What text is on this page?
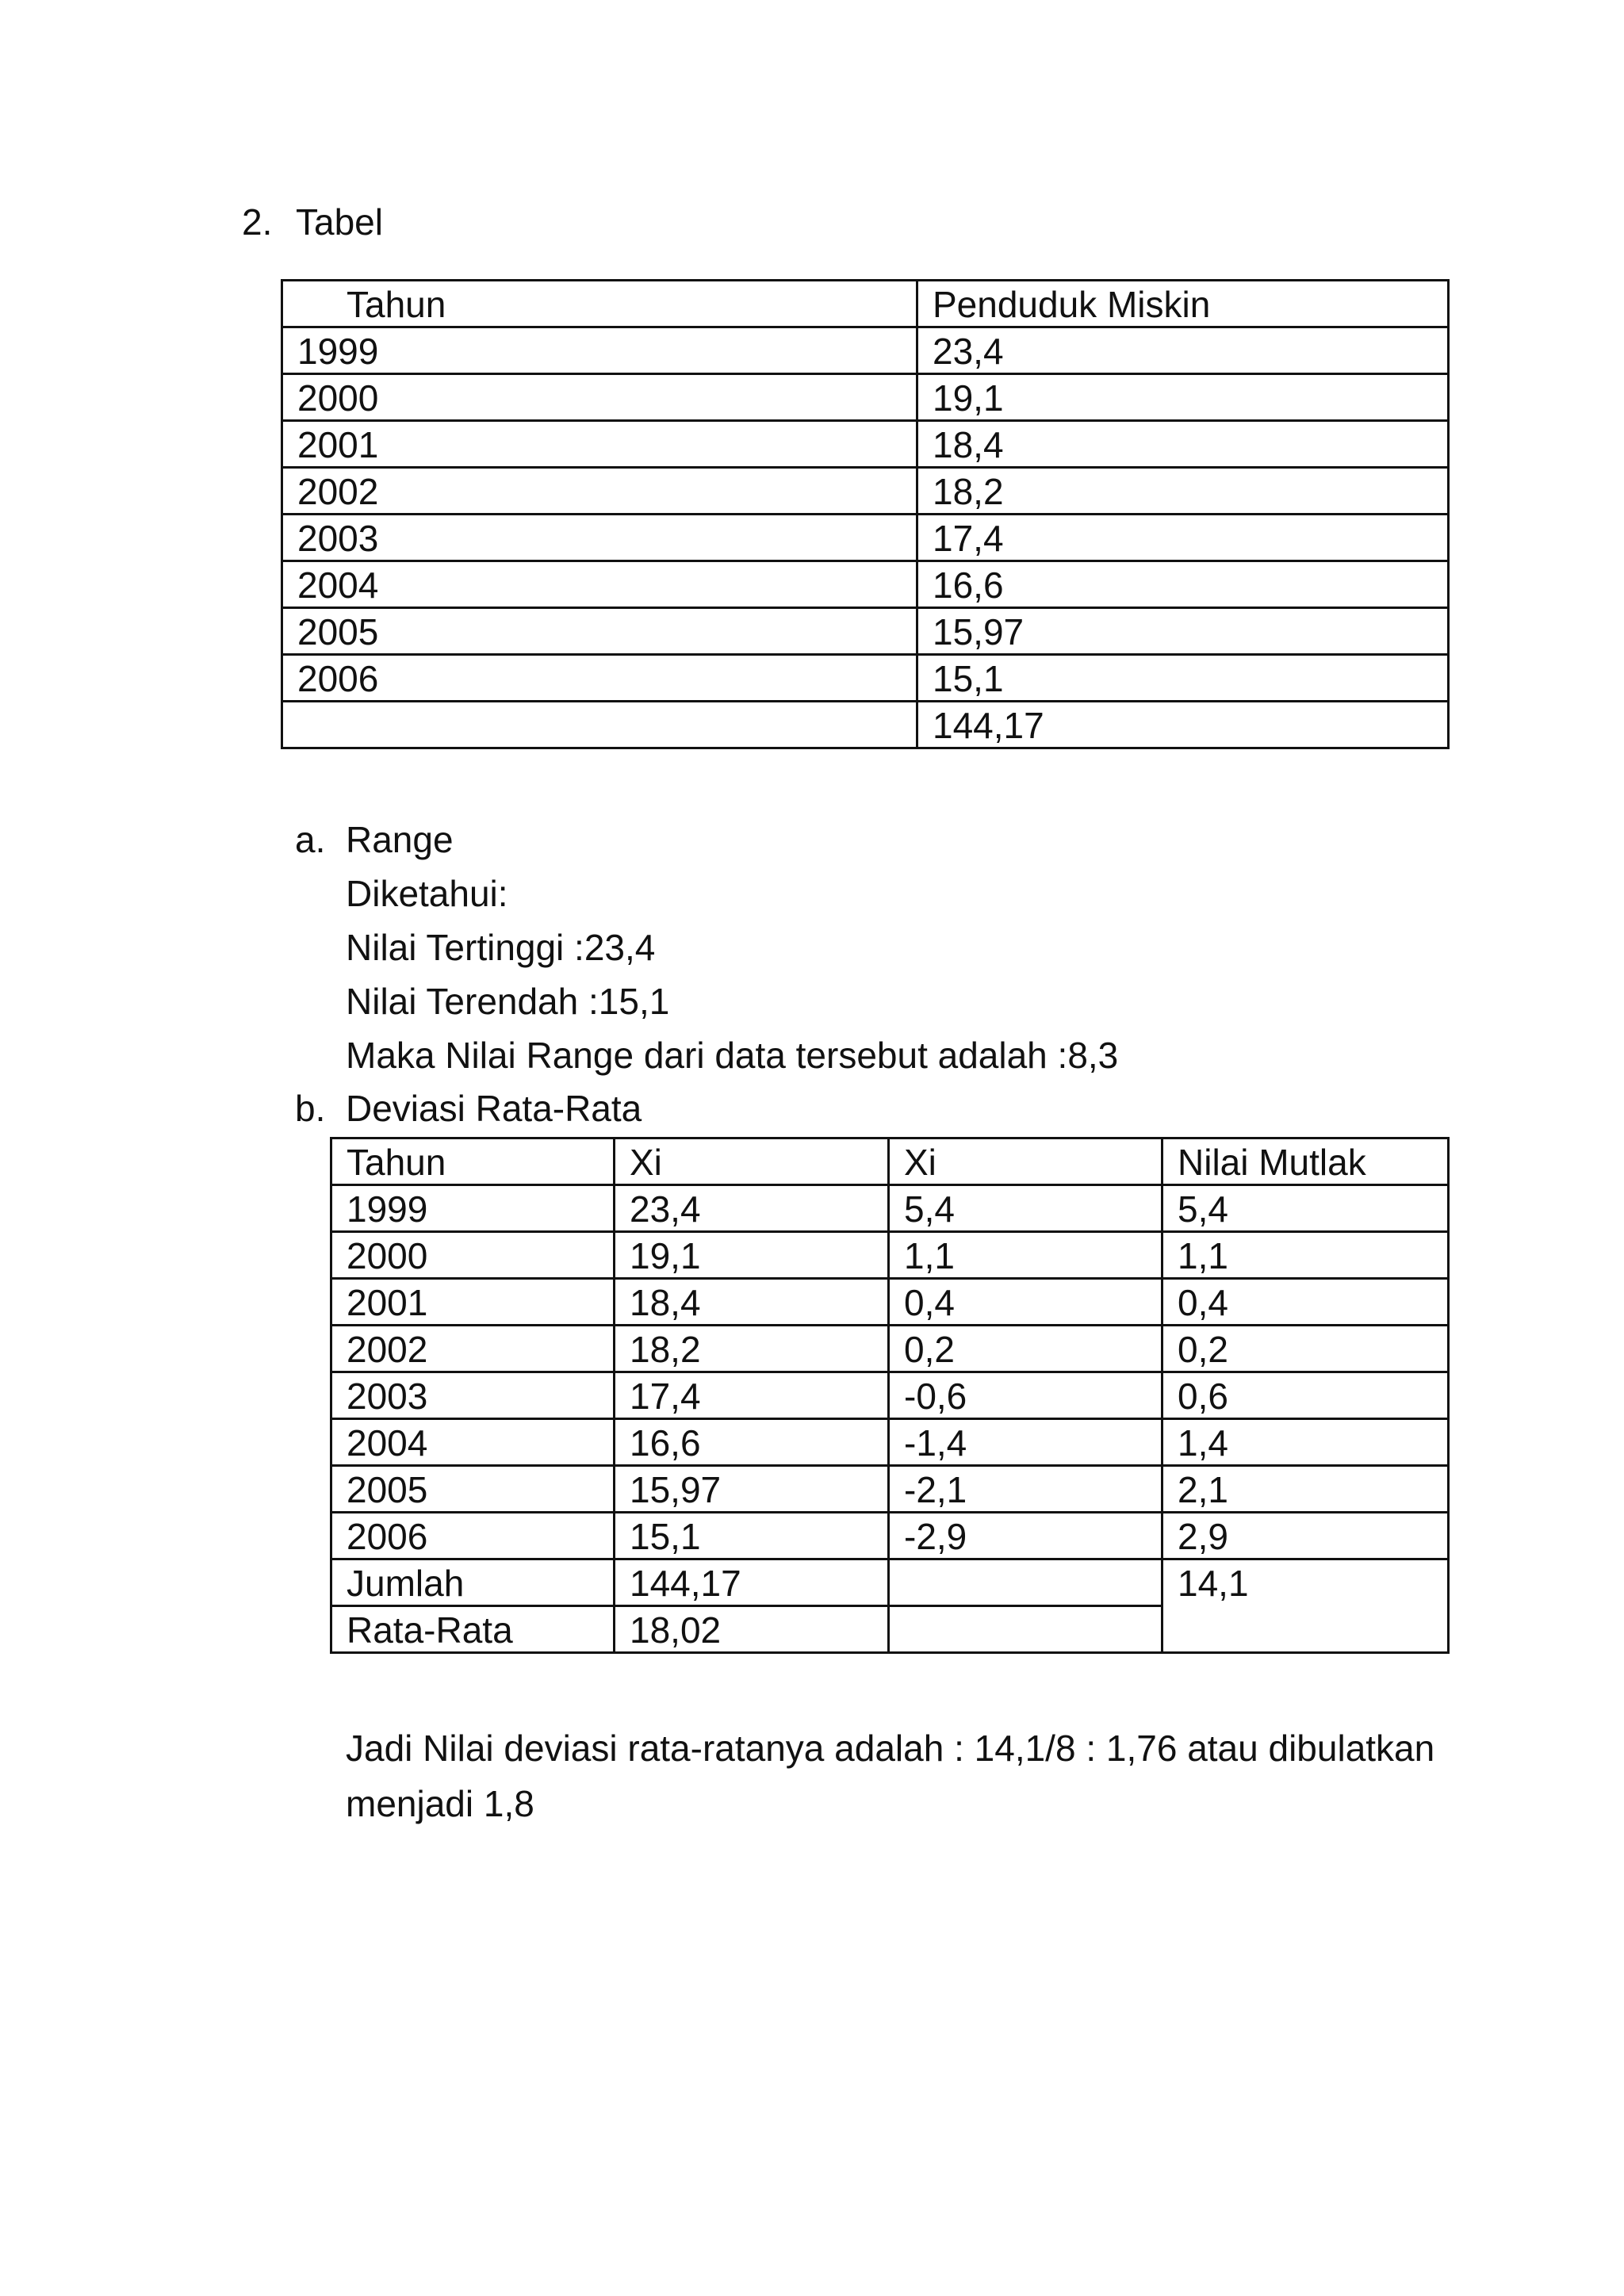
2. Tabel
Tahun	Penduduk Miskin
1999	23,4
2000	19,1
2001	18,4
2002	18,2
2003	17,4
2004	16,6
2005	15,97
2006	15,1
	144,17
a. Range
Diketahui:
Nilai Tertinggi :23,4
Nilai Terendah :15,1
Maka Nilai Range dari data tersebut adalah :8,3
b. Deviasi Rata-Rata
Tahun	Xi	Xi	Nilai Mutlak
1999	23,4	5,4	5,4
2000	19,1	1,1	1,1
2001	18,4	0,4	0,4
2002	18,2	0,2	0,2
2003	17,4	-0,6	0,6
2004	16,6	-1,4	1,4
2005	15,97	-2,1	2,1
2006	15,1	-2,9	2,9
Jumlah	144,17		14,1
Rata-Rata	18,02		
Jadi Nilai deviasi rata-ratanya adalah : 14,1/8 : 1,76 atau dibulatkan menjadi 1,8
